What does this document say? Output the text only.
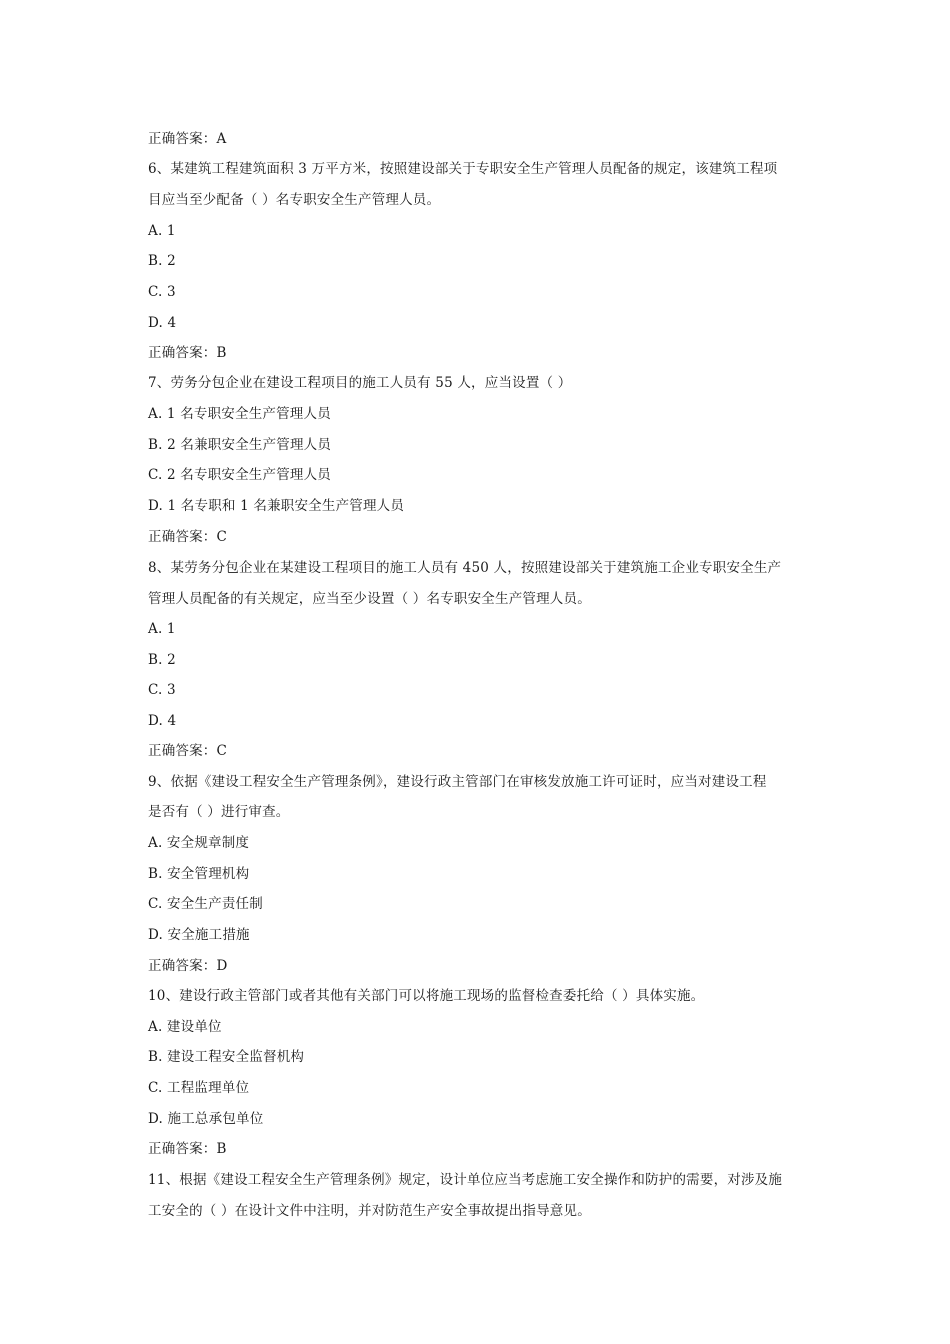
正确答案：A
6、某建筑工程建筑面积 3 万平方米，按照建设部关于专职安全生产管理人员配备的规定，该建筑工程项
目应当至少配备（ ）名专职安全生产管理人员。
A. 1
B. 2
C. 3
D. 4
正确答案：B
7、劳务分包企业在建设工程项目的施工人员有 55 人，应当设置（ ）
A. 1 名专职安全生产管理人员
B. 2 名兼职安全生产管理人员
C. 2 名专职安全生产管理人员
D. 1 名专职和 1 名兼职安全生产管理人员
正确答案：C
8、某劳务分包企业在某建设工程项目的施工人员有 450 人，按照建设部关于建筑施工企业专职安全生产
管理人员配备的有关规定，应当至少设置（ ）名专职安全生产管理人员。
A. 1
B. 2
C. 3
D. 4
正确答案：C
9、依据《建设工程安全生产管理条例》，建设行政主管部门在审核发放施工许可证时，应当对建设工程
是否有（ ）进行审查。
A. 安全规章制度
B. 安全管理机构
C. 安全生产责任制
D. 安全施工措施
正确答案：D
10、建设行政主管部门或者其他有关部门可以将施工现场的监督检查委托给（ ）具体实施。
A. 建设单位
B. 建设工程安全监督机构
C. 工程监理单位
D. 施工总承包单位
正确答案：B
11、根据《建设工程安全生产管理条例》规定，设计单位应当考虑施工安全操作和防护的需要，对涉及施
工安全的（ ）在设计文件中注明，并对防范生产安全事故提出指导意见。
